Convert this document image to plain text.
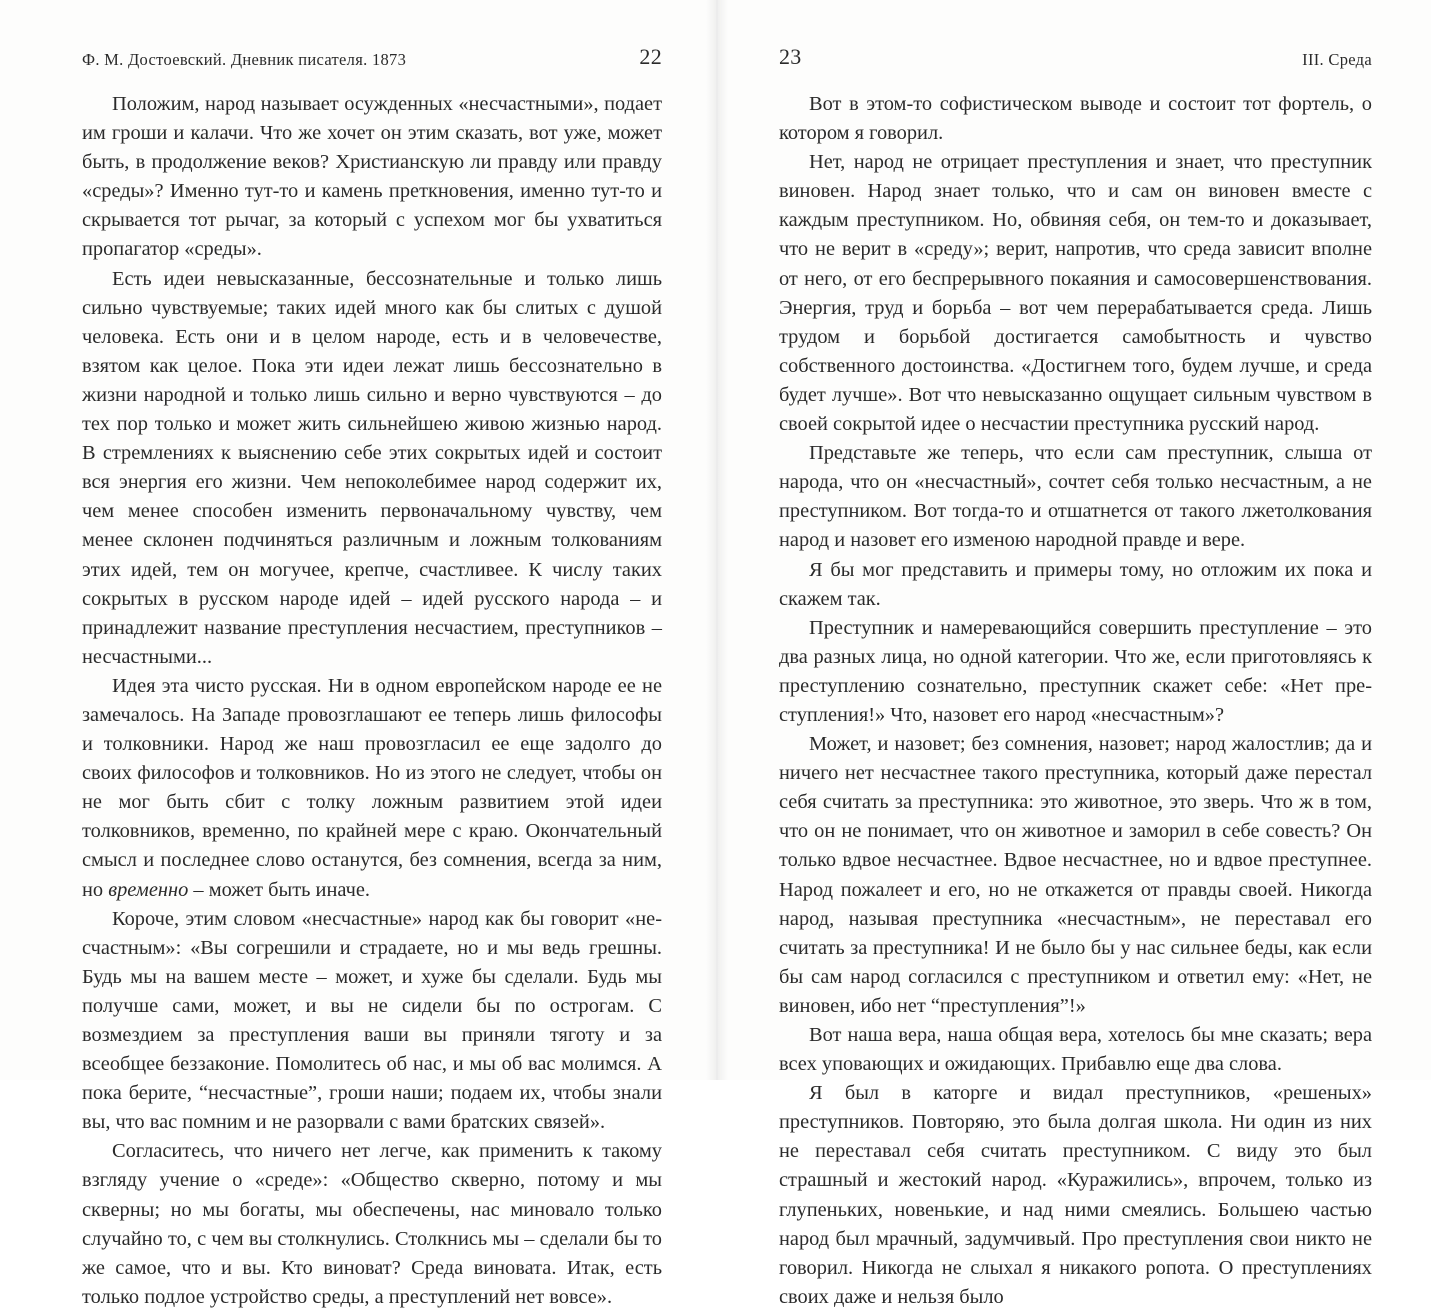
Ф. М. Достоевский. Дневник писателя. 1873	22

Положим, народ называет осужденных «несчастными», подает им гроши и калачи. Что же хочет он этим сказать, вот уже, может быть, в продолжение веков? Христианскую ли правду или правду «среды»? Именно тут-то и камень преткновения, именно тут-то и скрывается тот рычаг, за который с успехом мог бы ухватиться пропагатор «среды».

Есть идеи невысказанные, бессознательные и только лишь сильно чувствуемые; таких идей много как бы слитых с душой человека. Есть они и в целом народе, есть и в человечестве, взятом как целое. Пока эти идеи лежат лишь бессознательно в жизни народной и только лишь сильно и верно чувствуются – до тех пор только и может жить сильнейшею живою жизнью народ. В стремлениях к выяснению себе этих сокрытых идей и состоит вся энергия его жизни. Чем непоколебимее народ содержит их, чем менее способен изменить первоначальному чувству, чем менее склонен подчиняться различным и ложным толкованиям этих идей, тем он могучее, крепче, счастливее. К числу таких сокрытых в русском народе идей – идей русского народа – и принадлежит название преступления несчастием, преступников – несчастными...

Идея эта чисто русская. Ни в одном европейском народе ее не замечалось. На Западе провозглашают ее теперь лишь философы и толковники. Народ же наш провозгласил ее еще задолго до своих философов и толковников. Но из этого не следует, чтобы он не мог быть сбит с толку ложным развитием этой идеи толковников, временно, по крайней мере с краю. Окончательный смысл и последнее слово останутся, без сомнения, всегда за ним, но временно – может быть иначе.

Короче, этим словом «несчастные» народ как бы говорит «несчастным»: «Вы согрешили и страдаете, но и мы ведь грешны. Будь мы на вашем месте – может, и хуже бы сделали. Будь мы получше сами, может, и вы не сидели бы по острогам. С возмездием за преступления ваши вы приняли тяготу и за всеобщее беззаконие. Помолитесь об нас, и мы об вас молимся. А пока берите, “несчастные”, гроши наши; подаем их, чтобы знали вы, что вас помним и не разорвали с вами братских связей».

Согласитесь, что ничего нет легче, как применить к такому взгляду учение о «среде»: «Общество скверно, потому и мы скверны; но мы богаты, мы обеспечены, нас миновало только случайно то, с чем вы столкнулись. Столкнись мы – сделали бы то же самое, что и вы. Кто виноват? Среда виновата. Итак, есть только подлое устройство среды, а преступлений нет вовсе».

23	III. Среда

Вот в этом-то софистическом выводе и состоит тот фортель, о котором я говорил.

Нет, народ не отрицает преступления и знает, что преступник виновен. Народ знает только, что и сам он виновен вместе с каждым преступником. Но, обвиняя себя, он тем-то и доказывает, что не верит в «среду»; верит, напротив, что среда зависит вполне от него, от его беспрерывного покаяния и самосовершенствования. Энергия, труд и борьба – вот чем перерабатывается среда. Лишь трудом и борьбой достигается самобытность и чувство собственного достоинства. «Достигнем того, будем лучше, и среда будет лучше». Вот что невысказанно ощущает сильным чувством в своей сокрытой идее о несчастии преступника русский народ.

Представьте же теперь, что если сам преступник, слыша от народа, что он «несчастный», сочтет себя только несчастным, а не преступником. Вот тогда-то и отшатнется от такого лжетолкования народ и назовет его изменою народной правде и вере.

Я бы мог представить и примеры тому, но отложим их пока и скажем так.

Преступник и намеревающийся совершить преступление – это два разных лица, но одной категории. Что же, если приготовляясь к преступлению сознательно, преступник скажет себе: «Нет преступления!» Что, назовет его народ «несчастным»?

Может, и назовет; без сомнения, назовет; народ жалостлив; да и ничего нет несчастнее такого преступника, который даже перестал себя считать за преступника: это животное, это зверь. Что ж в том, что он не понимает, что он животное и заморил в себе совесть? Он только вдвое несчастнее. Вдвое несчастнее, но и вдвое преступнее. Народ пожалеет и его, но не откажется от правды своей. Никогда народ, называя преступника «несчастным», не переставал его считать за преступника! И не было бы у нас сильнее беды, как если бы сам народ согласился с преступником и ответил ему: «Нет, не виновен, ибо нет “преступления”!»

Вот наша вера, наша общая вера, хотелось бы мне сказать; вера всех уповающих и ожидающих. Прибавлю еще два слова.

Я был в каторге и видал преступников, «решеных» преступников. Повторяю, это была долгая школа. Ни один из них не переставал себя считать преступником. С виду это был страшный и жестокий народ. «Куражились», впрочем, только из глупеньких, новенькие, и над ними смеялись. Большею частью народ был мрачный, задумчивый. Про преступления свои никто не говорил. Никогда не слыхал я никакого ропота. О преступлениях своих даже и нельзя было
